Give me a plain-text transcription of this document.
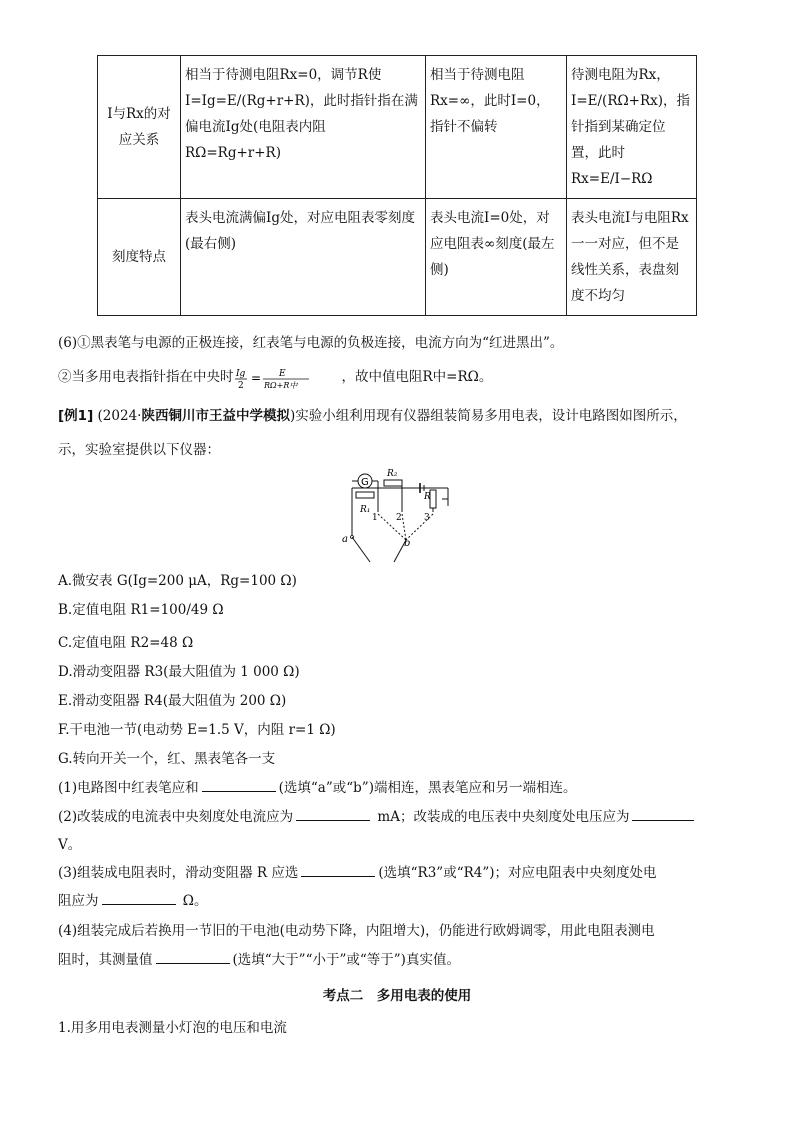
I与Rx的对应关系	相当于待测电阻Rx=0，调节R使I=Ig=E/(Rg+r+R)，此时指针指在满偏电流Ig处(电阻表内阻RΩ=Rg+r+R)	相当于待测电阻Rx=∞，此时I=0，指针不偏转	待测电阻为Rx，I=E/(RΩ+Rx)，指针指到某确定位置，此时Rx=E/I−RΩ
刻度特点	表头电流满偏Ig处，对应电阻表零刻度(最右侧)	表头电流I=0处，对应电阻表∞刻度(最左侧)	表头电流I与电阻Rx一一对应，但不是线性关系，表盘刻度不均匀
(6)①黑表笔与电源的正极连接，红表笔与电源的负极连接，电流方向为“红进黑出”。
②当多用电表指针指在中央时 Ig
2
= E
RΩ+R中	，故中值电阻R中=RΩ。
[例1] (2024·陕西铜川市王益中学模拟)实验小组利用现有仪器组装简易多用电表，设计电路图如图所示，
示，实验室提供以下仪器：
G
R₂
R
R₁
1 2 3
a	b
A.微安表 G(Ig=200 μA，Rg=100 Ω)
B.定值电阻 R1=100/49 Ω
C.定值电阻 R2=48 Ω
D.滑动变阻器 R3(最大阻值为 1 000 Ω)
E.滑动变阻器 R4(最大阻值为 200 Ω)
F.干电池一节(电动势 E=1.5 V，内阻 r=1 Ω)
G.转向开关一个，红、黑表笔各一支
(1)电路图中红表笔应和	(选填“a”或“b”)端相连，黑表笔应和另一端相连。
(2)改装成的电流表中央刻度处电流应为	mA；改装成的电压表中央刻度处电压应为
V。
(3)组装成电阻表时，滑动变阻器 R 应选	(选填“R3”或“R4”)；对应电阻表中央刻度处电
阻应为	Ω。
(4)组装完成后若换用一节旧的干电池(电动势下降，内阻增大)，仍能进行欧姆调零，用此电阻表测电
阻时，其测量值	(选填“大于”“小于”或“等于”)真实值。
考点二　多用电表的使用
1.用多用电表测量小灯泡的电压和电流
